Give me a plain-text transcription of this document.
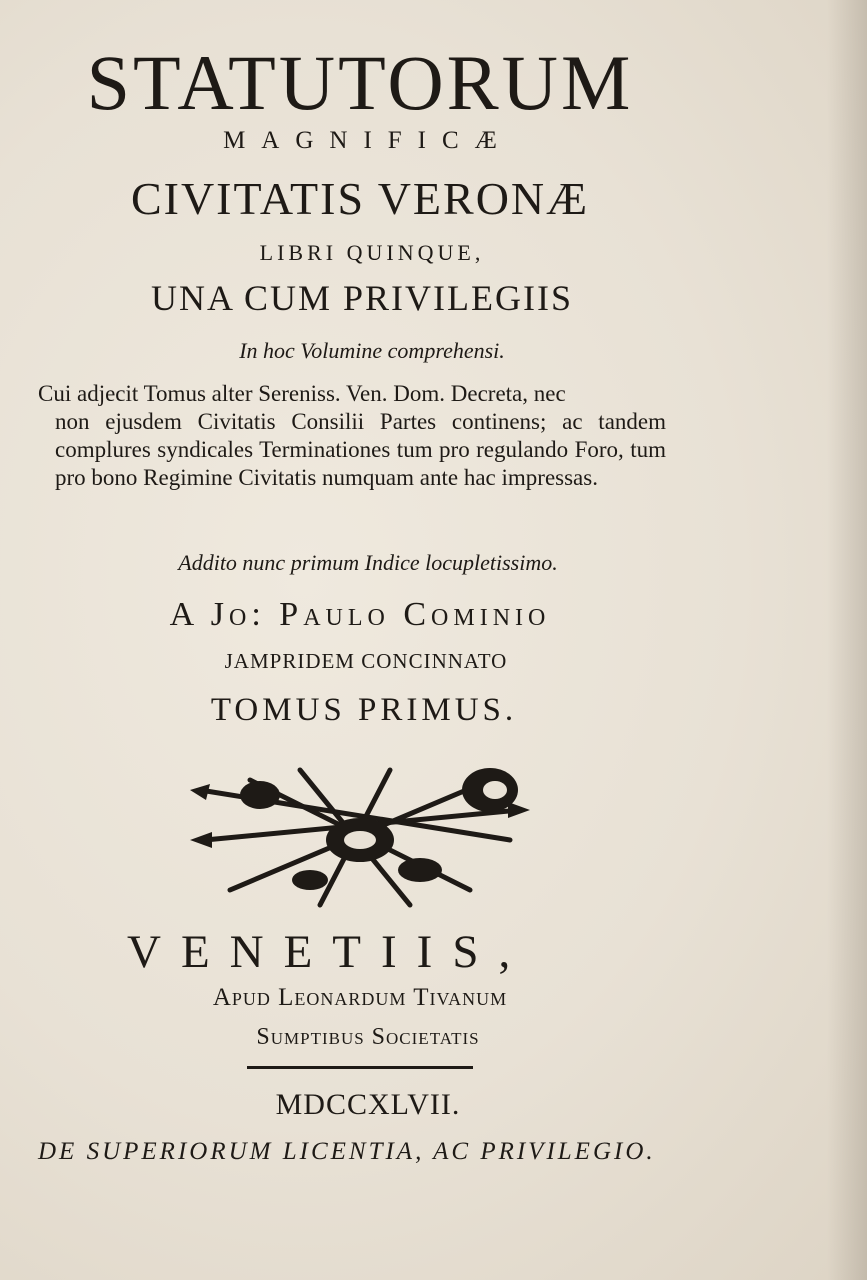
STATUTORUM
MAGNIFICÆ
CIVITATIS VERONÆ
LIBRI QUINQUE,
UNA CUM PRIVILEGIIS
In hoc Volumine comprehensi.
Cui adjecit Tomus alter Sereniss. Ven. Dom. Decreta, nec
non ejusdem Civitatis Consilii Partes continens; ac tandem complures syndicales Terminationes tum pro regulando Foro, tum pro bono Regimine Civitatis numquam ante hac impressas.
Addito nunc primum Indice locupletissimo.
A Jo: Paulo Cominio
JAMPRIDEM CONCINNATO
TOMUS PRIMUS.
VENETIIS,
Apud Leonardum Tivanum
Sumptibus Societatis
MDCCXLVII.
DE SUPERIORUM LICENTIA, AC PRIVILEGIO.
